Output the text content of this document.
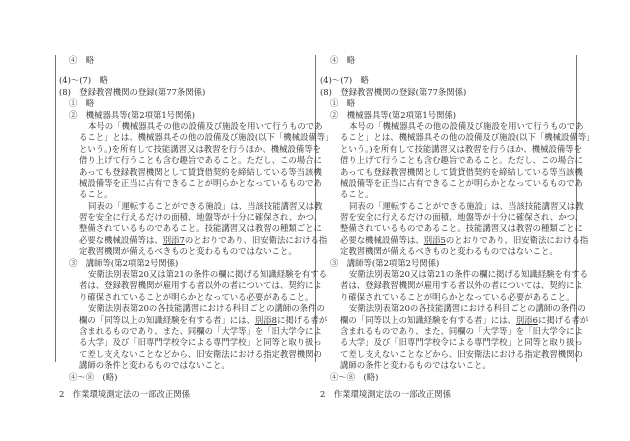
④　略
(4)～(7)　略
(8)　登録教習機関の登録(第77条関係)
①　略
②　機械器具等(第2項第1号関係)
本号の「機械器具その他の設備及び施設を用いて行うものであ
ること」とは、機械器具その他の設備及び施設(以下「機械設備等」
という。)を所有して技能講習又は教習を行うほか、機械設備等を
借り上げて行うことも含む趣旨であること。ただし、この場合に
あっても登録教習機関として賃貸借契約を締結している等当該機
械設備等を正当に占有できることが明らかとなっているものであ
ること。
同表の「運転することができる施設」は、当該技能講習又は教
習を安全に行えるだけの面積、地盤等が十分に確保され、かつ、
整備されているものであること。技能講習又は教習の種類ごとに
必要な機械設備等は、別添7のとおりであり、旧安衛法における指
定教習機関が備えるべきものと変わるものではないこと。
③　講師等(第2項第2号関係)
安衛法別表第20又は第21の条件の欄に掲げる知識経験を有する
者は、登録教習機関が雇用する者以外の者については、契約によ
り確保されていることが明らかとなっている必要があること。
安衛法別表第20の各技能講習における科目ごとの講師の条件の
欄の「同等以上の知識経験を有する者」には、別添8に掲げる者が
含まれるものであり、また、同欄の「大学等」を「旧大学令によ
る大学」及び「旧専門学校令による専門学校」と同等と取り扱っ
て差し支えないことなどから、旧安衛法における指定教習機関の
講師の条件と変わるものではないこと。
④～⑧　(略)
2　作業環境測定法の一部改正関係
④　略
(4)～(7)　略
(8)　登録教習機関の登録(第77条関係)
①　略
②　機械器具等(第2項第1号関係)
本号の「機械器具その他の設備及び施設を用いて行うものであ
ること」とは、機械器具その他の設備及び施設(以下「機械設備等」
という。)を所有して技能講習又は教習を行うほか、機械設備等を
借り上げて行うことも含む趣旨であること。ただし、この場合に
あっても登録教習機関として賃貸借契約を締結している等当該機
械設備等を正当に占有できることが明らかとなっているものであ
ること。
同表の「運転することができる施設」は、当該技能講習又は教
習を安全に行えるだけの面積、地盤等が十分に確保され、かつ、
整備されているものであること。技能講習又は教習の種類ごとに
必要な機械設備等は、別添5のとおりであり、旧安衛法における指
定教習機関が備えるべきものと変わるものではないこと。
③　講師等(第2項第2号関係)
安衛法別表第20又は第21の条件の欄に掲げる知識経験を有する
者は、登録教習機関が雇用する者以外の者については、契約によ
り確保されていることが明らかとなっている必要があること。
安衛法別表第20の各技能講習における科目ごとの講師の条件の
欄の「同等以上の知識経験を有する者」には、別添6に掲げる者が
含まれるものであり、また、同欄の「大学等」を「旧大学令によ
る大学」及び「旧専門学校令による専門学校」と同等と取り扱っ
て差し支えないことなどから、旧安衛法における指定教習機関の
講師の条件と変わるものではないこと。
④～⑧　(略)
2　作業環境測定法の一部改正関係
